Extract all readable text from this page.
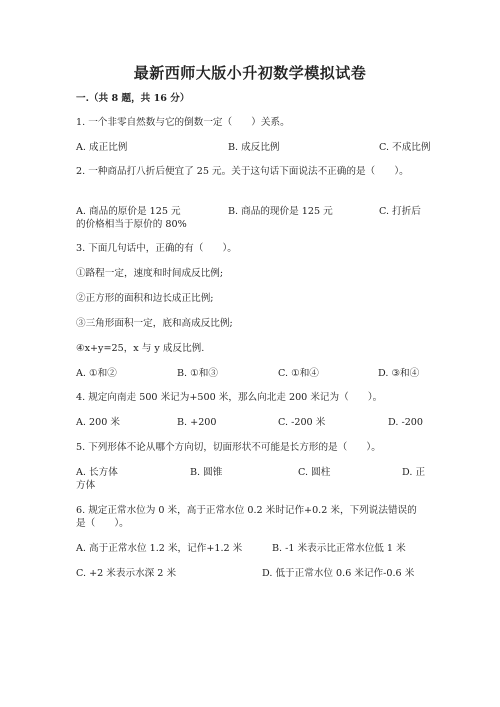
最新西师大版小升初数学模拟试卷
一.（共 8 题，共 16 分）
1. 一个非零自然数与它的倒数一定（　　）关系。
A. 成正比例	B. 成反比例	C. 不成比例
2. 一种商品打八折后便宜了 25 元。关于这句话下面说法不正确的是（　　）。
A. 商品的原价是 125 元	B. 商品的现价是 125 元	C. 打折后
的价格相当于原价的 80%
3. 下面几句话中，正确的有（　　）。
①路程一定，速度和时间成反比例;
②正方形的面积和边长成正比例;
③三角形面积一定，底和高成反比例;
④x+y=25，x 与 y 成反比例.
A. ①和②	B. ①和③	C. ①和④	D. ③和④
4. 规定向南走 500 米记为+500 米，那么向北走 200 米记为（　　）。
A. 200 米	B. +200	C. -200 米	D. -200
5. 下列形体不论从哪个方向切，切面形状不可能是长方形的是（　　）。
A. 长方体	B. 圆锥	C. 圆柱	D. 正
方体
6. 规定正常水位为 0 米，高于正常水位 0.2 米时记作+0.2 米，下列说法错误的
是（　　）。
A. 高于正常水位 1.2 米，记作+1.2 米	B. -1 米表示比正常水位低 1 米
C. +2 米表示水深 2 米	D. 低于正常水位 0.6 米记作-0.6 米
